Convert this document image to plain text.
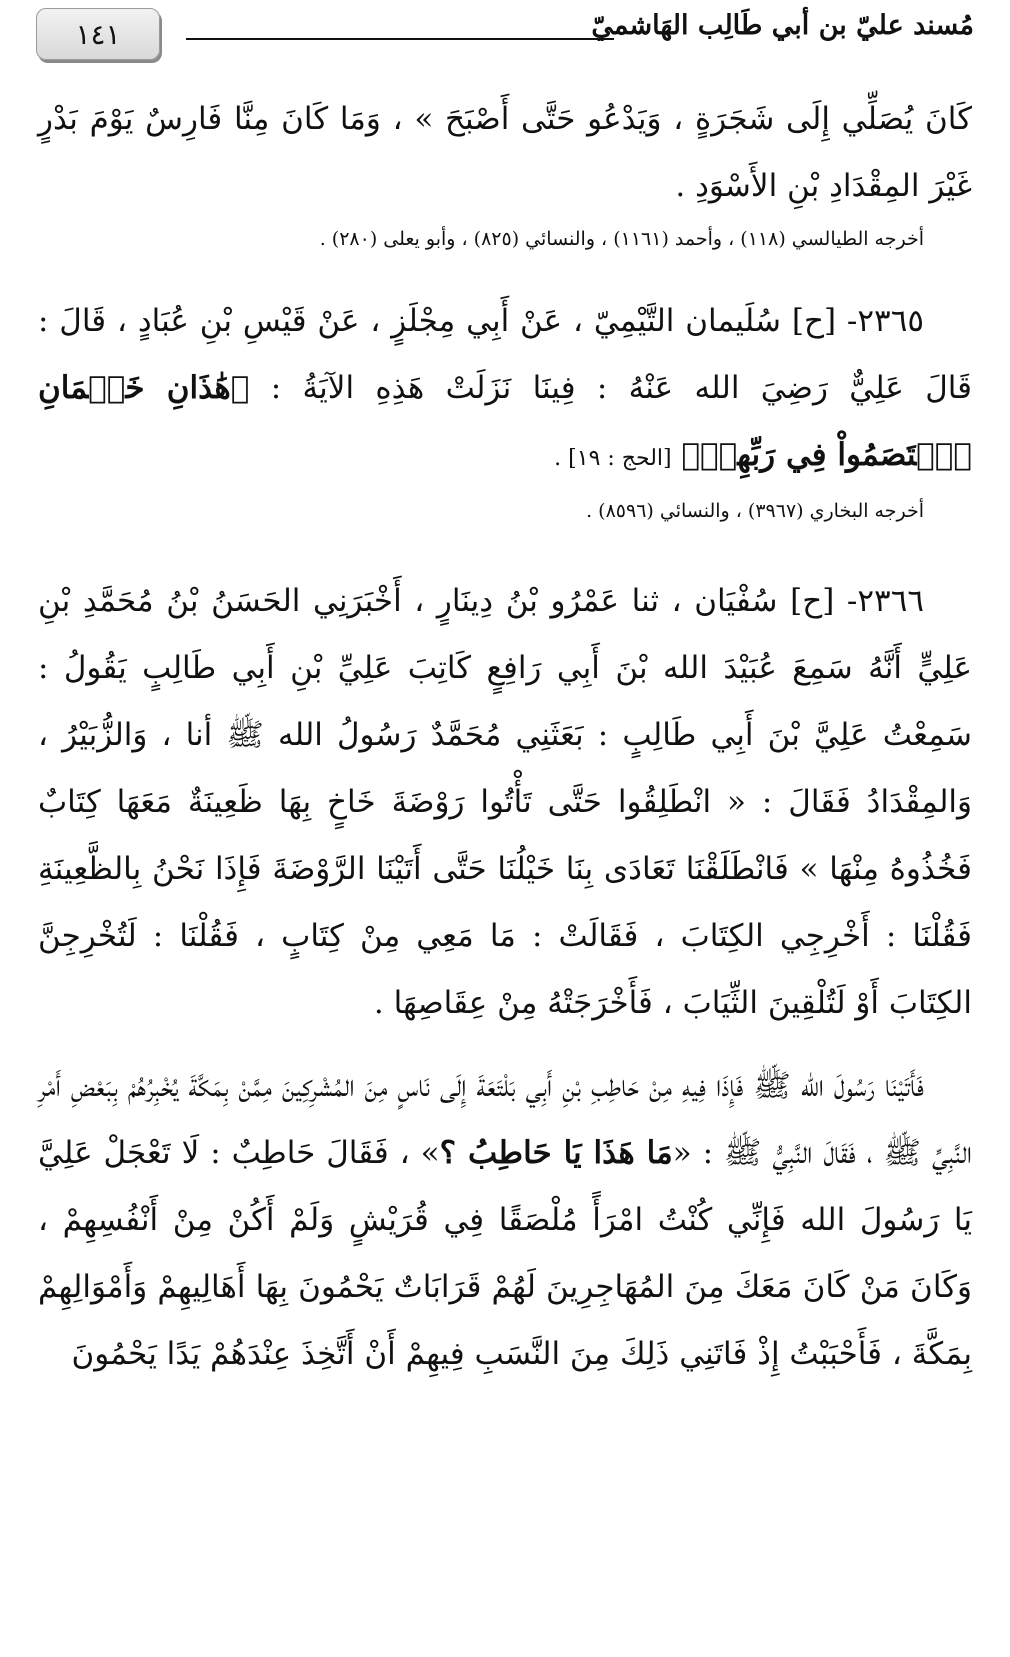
١٤١	مُسند عليّ بن أبي طَالِب الهَاشميّ

كَانَ يُصَلِّي إِلَى شَجَرَةٍ ، وَيَدْعُو حَتَّى أَصْبَحَ » ، وَمَا كَانَ مِنَّا فَارِسٌ يَوْمَ بَدْرٍ غَيْرَ المِقْدَادِ بْنِ الأَسْوَدِ .

أخرجه الطيالسي (١١٨) ، وأحمد (١١٦١) ، والنسائي (٨٢٥) ، وأبو يعلى (٢٨٠) .

٢٣٦٥- [ح] سُلَيمان التَّيْمِيّ ، عَنْ أَبِي مِجْلَزٍ ، عَنْ قَيْسِ بْنِ عُبَادٍ ، قَالَ : قَالَ عَلِيٌّ رَضِيَ الله عَنْهُ : فِينَا نَزَلَتْ هَذِهِ الآيَةُ : ﴿هَٰذَانِ خَصۡمَانِ ٱخۡتَصَمُواْ فِي رَبِّهِمۡ﴾ [الحج : ١٩] .

أخرجه البخاري (٣٩٦٧) ، والنسائي (٨٥٩٦) .

٢٣٦٦- [ح] سُفْيَان ، ثنا عَمْرُو بْنُ دِينَارٍ ، أَخْبَرَنِي الحَسَنُ بْنُ مُحَمَّدِ بْنِ عَلِيٍّ أَنَّهُ سَمِعَ عُبَيْدَ الله بْنَ أَبِي رَافِعٍ كَاتِبَ عَلِيِّ بْنِ أَبِي طَالِبٍ يَقُولُ : سَمِعْتُ عَلِيَّ بْنَ أَبِي طَالِبٍ : بَعَثَنِي مُحَمَّدٌ رَسُولُ الله ﷺ أنا ، وَالزُّبَيْرُ ، وَالمِقْدَادُ فَقَالَ : « انْطَلِقُوا حَتَّى تَأْتُوا رَوْضَةَ خَاخٍ بِهَا ظَعِينَةٌ مَعَهَا كِتَابٌ فَخُذُوهُ مِنْهَا » فَانْطَلَقْنَا تَعَادَى بِنَا خَيْلُنَا حَتَّى أَتَيْنَا الرَّوْضَةَ فَإِذَا نَحْنُ بِالظَّعِينَةِ فَقُلْنَا : أَخْرِجِي الكِتَابَ ، فَقَالَتْ : مَا مَعِي مِنْ كِتَابٍ ، فَقُلْنَا : لَتُخْرِجِنَّ الكِتَابَ أَوْ لَتُلْقِينَ الثِّيَابَ ، فَأَخْرَجَتْهُ مِنْ عِقَاصِهَا .

فَأَتَيْنَا رَسُولَ الله ﷺ فَإِذَا فِيهِ مِنْ حَاطِبِ بْنِ أَبِي بَلْتَعَةَ إِلَى نَاسٍ مِنَ المُشْرِكِينَ مِمَّنْ بِمَكَّةَ يُخْبِرُهُمْ بِبَعْضِ أَمْرِ النَّبِيِّ ﷺ ، فَقَالَ النَّبِيُّ ﷺ : «مَا هَذَا يَا حَاطِبُ ؟» ، فَقَالَ حَاطِبٌ : لَا تَعْجَلْ عَلِيَّ يَا رَسُولَ الله فَإِنِّي كُنْتُ امْرَأً مُلْصَقًا فِي قُرَيْشٍ وَلَمْ أَكُنْ مِنْ أَنْفُسِهِمْ ، وَكَانَ مَنْ كَانَ مَعَكَ مِنَ المُهَاجِرِينَ لَهُمْ قَرَابَاتٌ يَحْمُونَ بِهَا أَهَالِيهِمْ وَأَمْوَالِهِمْ بِمَكَّةَ ، فَأَحْبَبْتُ إِذْ فَاتَنِي ذَلِكَ مِنَ النَّسَبِ فِيهِمْ أَنْ أَتَّخِذَ عِنْدَهُمْ يَدًا يَحْمُونَ
